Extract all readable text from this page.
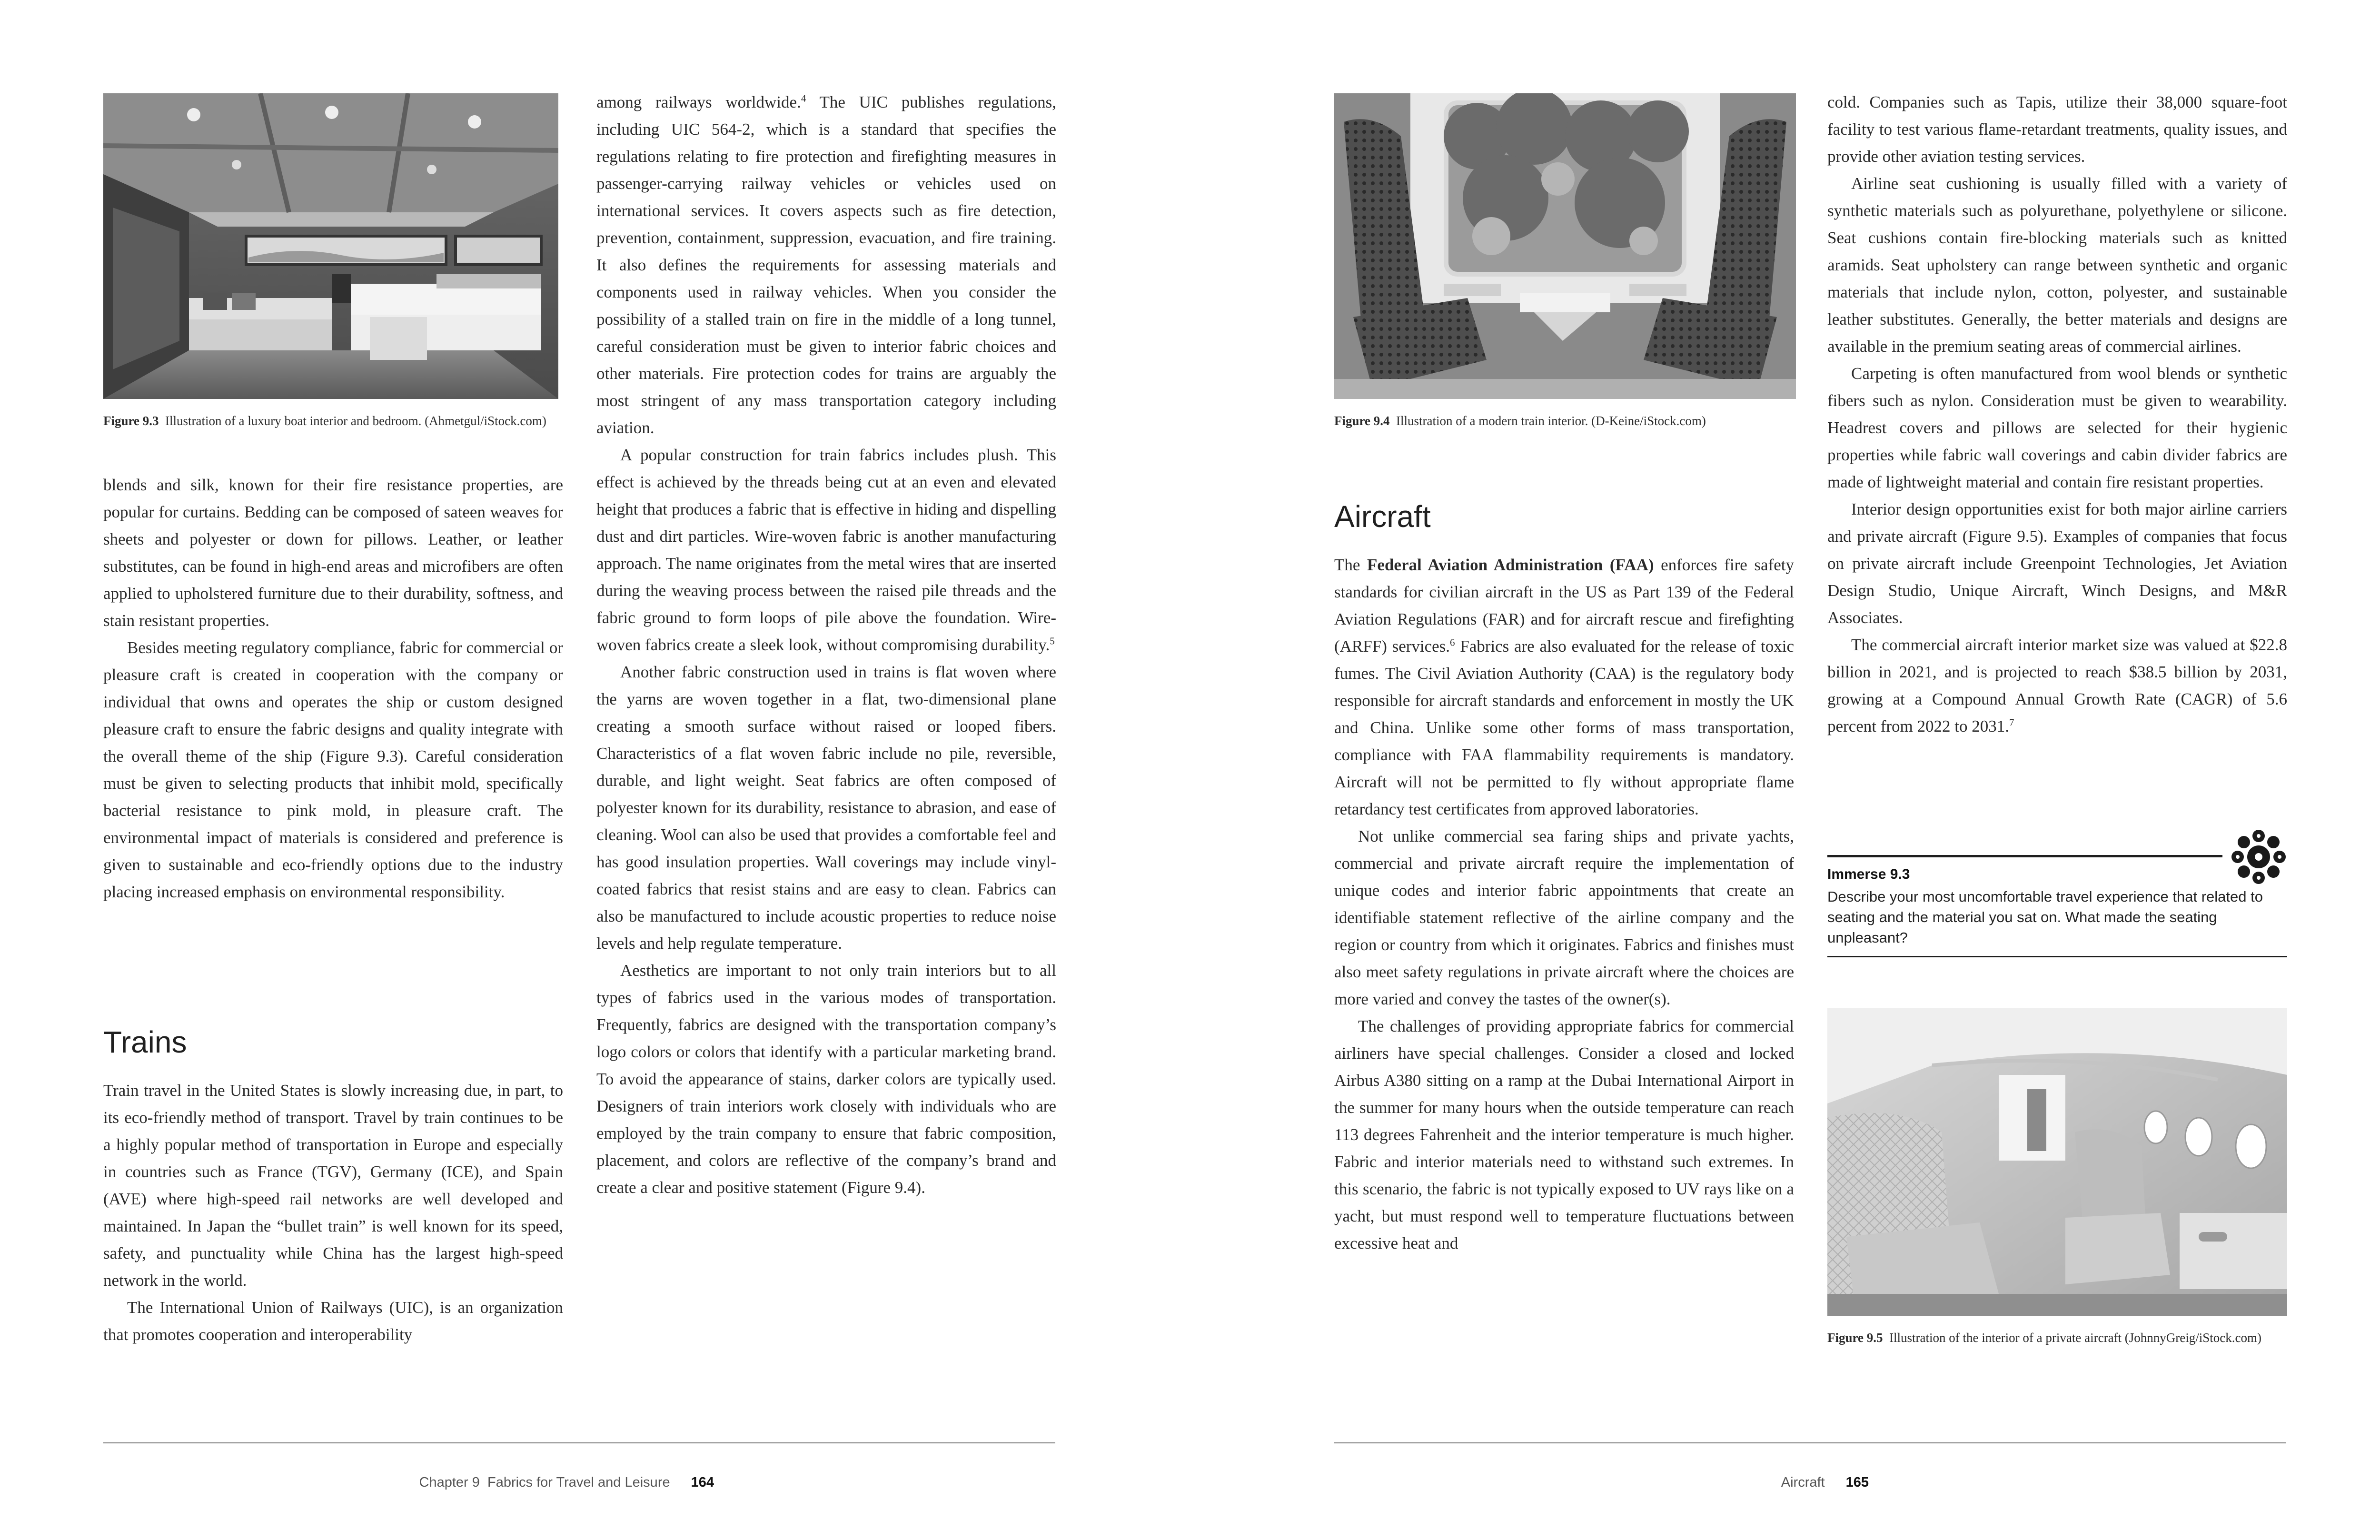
Figure 9.3 Illustration of a luxury boat interior and bedroom. (Ahmetgul/iStock.com)

blends and silk, known for their fire resistance properties, are popular for curtains. Bedding can be composed of sateen weaves for sheets and polyester or down for pillows. Leather, or leather substitutes, can be found in high-end areas and microfibers are often applied to upholstered furniture due to their durability, softness, and stain resistant properties.

Besides meeting regulatory compliance, fabric for commercial or pleasure craft is created in cooperation with the company or individual that owns and operates the ship or custom designed pleasure craft to ensure the fabric designs and quality integrate with the overall theme of the ship (Figure 9.3). Careful consideration must be given to selecting products that inhibit mold, specifically bacterial resistance to pink mold, in pleasure craft. The environmental impact of materials is considered and preference is given to sustainable and eco-friendly options due to the industry placing increased emphasis on environmental responsibility.

Trains

Train travel in the United States is slowly increasing due, in part, to its eco-friendly method of transport. Travel by train continues to be a highly popular method of transportation in Europe and especially in countries such as France (TGV), Germany (ICE), and Spain (AVE) where high-speed rail networks are well developed and maintained. In Japan the “bullet train” is well known for its speed, safety, and punctuality while China has the largest high-speed network in the world.

The International Union of Railways (UIC), is an organization that promotes cooperation and interoperability

among railways worldwide.$^4$ The UIC publishes regulations, including UIC 564-2, which is a standard that specifies the regulations relating to fire protection and firefighting measures in passenger-carrying railway vehicles or vehicles used on international services. It covers aspects such as fire detection, prevention, containment, suppression, evacuation, and fire training. It also defines the requirements for assessing materials and components used in railway vehicles. When you consider the possibility of a stalled train on fire in the middle of a long tunnel, careful consideration must be given to interior fabric choices and other materials. Fire protection codes for trains are arguably the most stringent of any mass transportation category including aviation.

A popular construction for train fabrics includes plush. This effect is achieved by the threads being cut at an even and elevated height that produces a fabric that is effective in hiding and dispelling dust and dirt particles. Wire-woven fabric is another manufacturing approach. The name originates from the metal wires that are inserted during the weaving process between the raised pile threads and the fabric ground to form loops of pile above the foundation. Wire-woven fabrics create a sleek look, without compromising durability.$^5$

Another fabric construction used in trains is flat woven where the yarns are woven together in a flat, two-dimensional plane creating a smooth surface without raised or looped fibers. Characteristics of a flat woven fabric include no pile, reversible, durable, and light weight. Seat fabrics are often composed of polyester known for its durability, resistance to abrasion, and ease of cleaning. Wool can also be used that provides a comfortable feel and has good insulation properties. Wall coverings may include vinyl-coated fabrics that resist stains and are easy to clean. Fabrics can also be manufactured to include acoustic properties to reduce noise levels and help regulate temperature.

Aesthetics are important to not only train interiors but to all types of fabrics used in the various modes of transportation. Frequently, fabrics are designed with the transportation company’s logo colors or colors that identify with a particular marketing brand. To avoid the appearance of stains, darker colors are typically used. Designers of train interiors work closely with individuals who are employed by the train company to ensure that fabric composition, placement, and colors are reflective of the company’s brand and create a clear and positive statement (Figure 9.4).

Chapter 9  Fabrics for Travel and Leisure 164

Figure 9.4 Illustration of a modern train interior. (D-Keine/iStock.com)
Aircraft

The Federal Aviation Administration (FAA) enforces fire safety standards for civilian aircraft in the US as Part 139 of the Federal Aviation Regulations (FAR) and for aircraft rescue and firefighting (ARFF) services.$^6$ Fabrics are also evaluated for the release of toxic fumes. The Civil Aviation Authority (CAA) is the regulatory body responsible for aircraft standards and enforcement in mostly the UK and China. Unlike some other forms of mass transportation, compliance with FAA flammability requirements is mandatory. Aircraft will not be permitted to fly without appropriate flame retardancy test certificates from approved laboratories.

Not unlike commercial sea faring ships and private yachts, commercial and private aircraft require the implementation of unique codes and interior fabric appointments that create an identifiable statement reflective of the airline company and the region or country from which it originates. Fabrics and finishes must also meet safety regulations in private aircraft where the choices are more varied and convey the tastes of the owner(s).

The challenges of providing appropriate fabrics for commercial airliners have special challenges. Consider a closed and locked Airbus A380 sitting on a ramp at the Dubai International Airport in the summer for many hours when the outside temperature can reach 113 degrees Fahrenheit and the interior temperature is much higher. Fabric and interior materials need to withstand such extremes. In this scenario, the fabric is not typically exposed to UV rays like on a yacht, but must respond well to temperature fluctuations between excessive heat and

cold. Companies such as Tapis, utilize their 38,000 square-foot facility to test various flame-retardant treatments, quality issues, and provide other aviation testing services.

Airline seat cushioning is usually filled with a variety of synthetic materials such as polyurethane, polyethylene or silicone. Seat cushions contain fire-blocking materials such as knitted aramids. Seat upholstery can range between synthetic and organic materials that include nylon, cotton, polyester, and sustainable leather substitutes. Generally, the better materials and designs are available in the premium seating areas of commercial airlines.

Carpeting is often manufactured from wool blends or synthetic fibers such as nylon. Consideration must be given to wearability. Headrest covers and pillows are selected for their hygienic properties while fabric wall coverings and cabin divider fabrics are made of lightweight material and contain fire resistant properties.

Interior design opportunities exist for both major airline carriers and private aircraft (Figure 9.5). Examples of companies that focus on private aircraft include Greenpoint Technologies, Jet Aviation Design Studio, Unique Aircraft, Winch Designs, and M&R Associates.

The commercial aircraft interior market size was valued at $22.8 billion in 2021, and is projected to reach $38.5 billion by 2031, growing at a Compound Annual Growth Rate (CAGR) of 5.6 percent from 2022 to 2031.$^7$

Immerse 9.3
Describe your most uncomfortable travel experience that related to seating and the material you sat on. What made the seating unpleasant?
Figure 9.5 Illustration of the interior of a private aircraft (JohnnyGreig/iStock.com)

Aircraft 165
